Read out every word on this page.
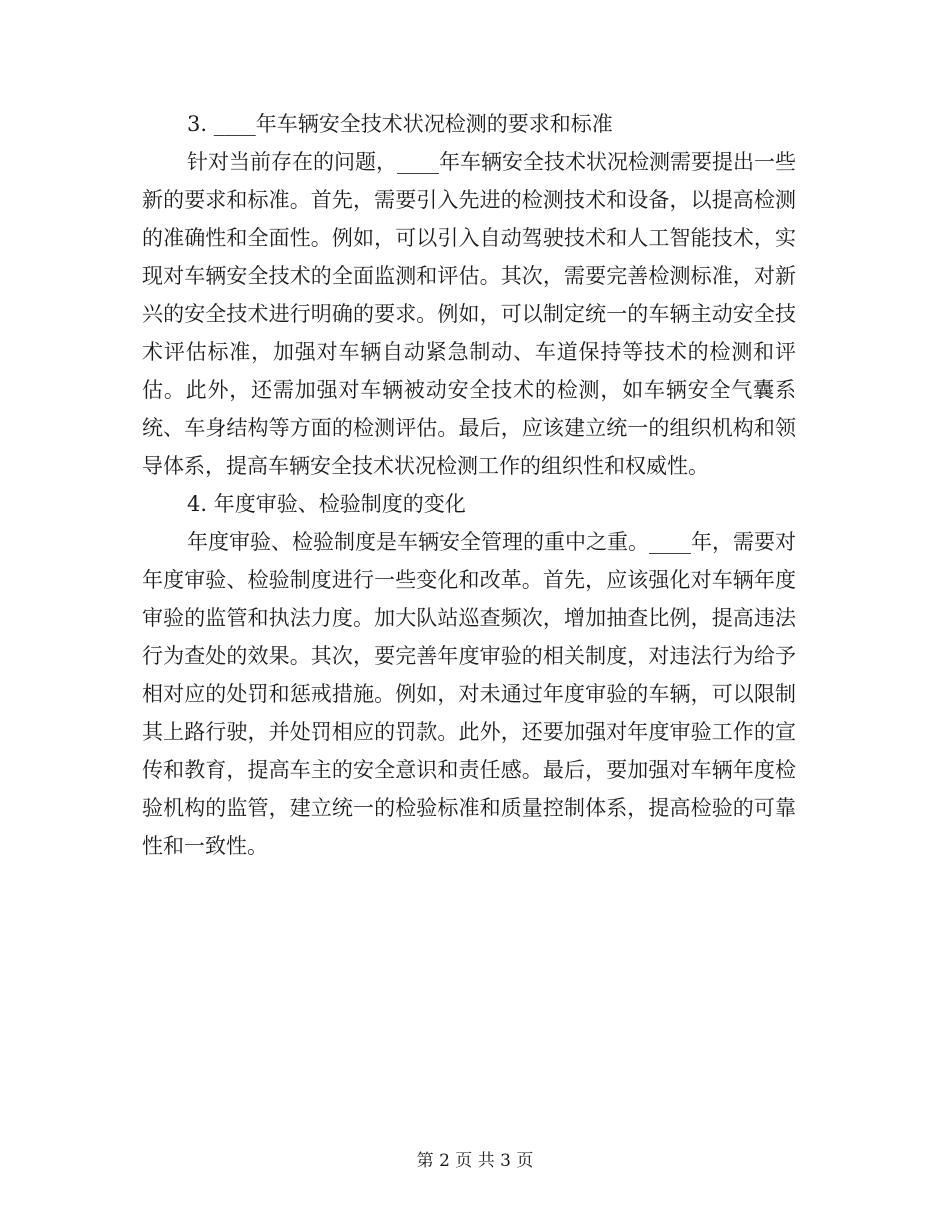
3. ____年车辆安全技术状况检测的要求和标准

针对当前存在的问题，____年车辆安全技术状况检测需要提出一些新的要求和标准。首先，需要引入先进的检测技术和设备，以提高检测的准确性和全面性。例如，可以引入自动驾驶技术和人工智能技术，实现对车辆安全技术的全面监测和评估。其次，需要完善检测标准，对新兴的安全技术进行明确的要求。例如，可以制定统一的车辆主动安全技术评估标准，加强对车辆自动紧急制动、车道保持等技术的检测和评估。此外，还需加强对车辆被动安全技术的检测，如车辆安全气囊系统、车身结构等方面的检测评估。最后，应该建立统一的组织机构和领导体系，提高车辆安全技术状况检测工作的组织性和权威性。

4. 年度审验、检验制度的变化

年度审验、检验制度是车辆安全管理的重中之重。____年，需要对年度审验、检验制度进行一些变化和改革。首先，应该强化对车辆年度审验的监管和执法力度。加大队站巡查频次，增加抽查比例，提高违法行为查处的效果。其次，要完善年度审验的相关制度，对违法行为给予相对应的处罚和惩戒措施。例如，对未通过年度审验的车辆，可以限制其上路行驶，并处罚相应的罚款。此外，还要加强对年度审验工作的宣传和教育，提高车主的安全意识和责任感。最后，要加强对车辆年度检验机构的监管，建立统一的检验标准和质量控制体系，提高检验的可靠性和一致性。

第 2 页 共 3 页
